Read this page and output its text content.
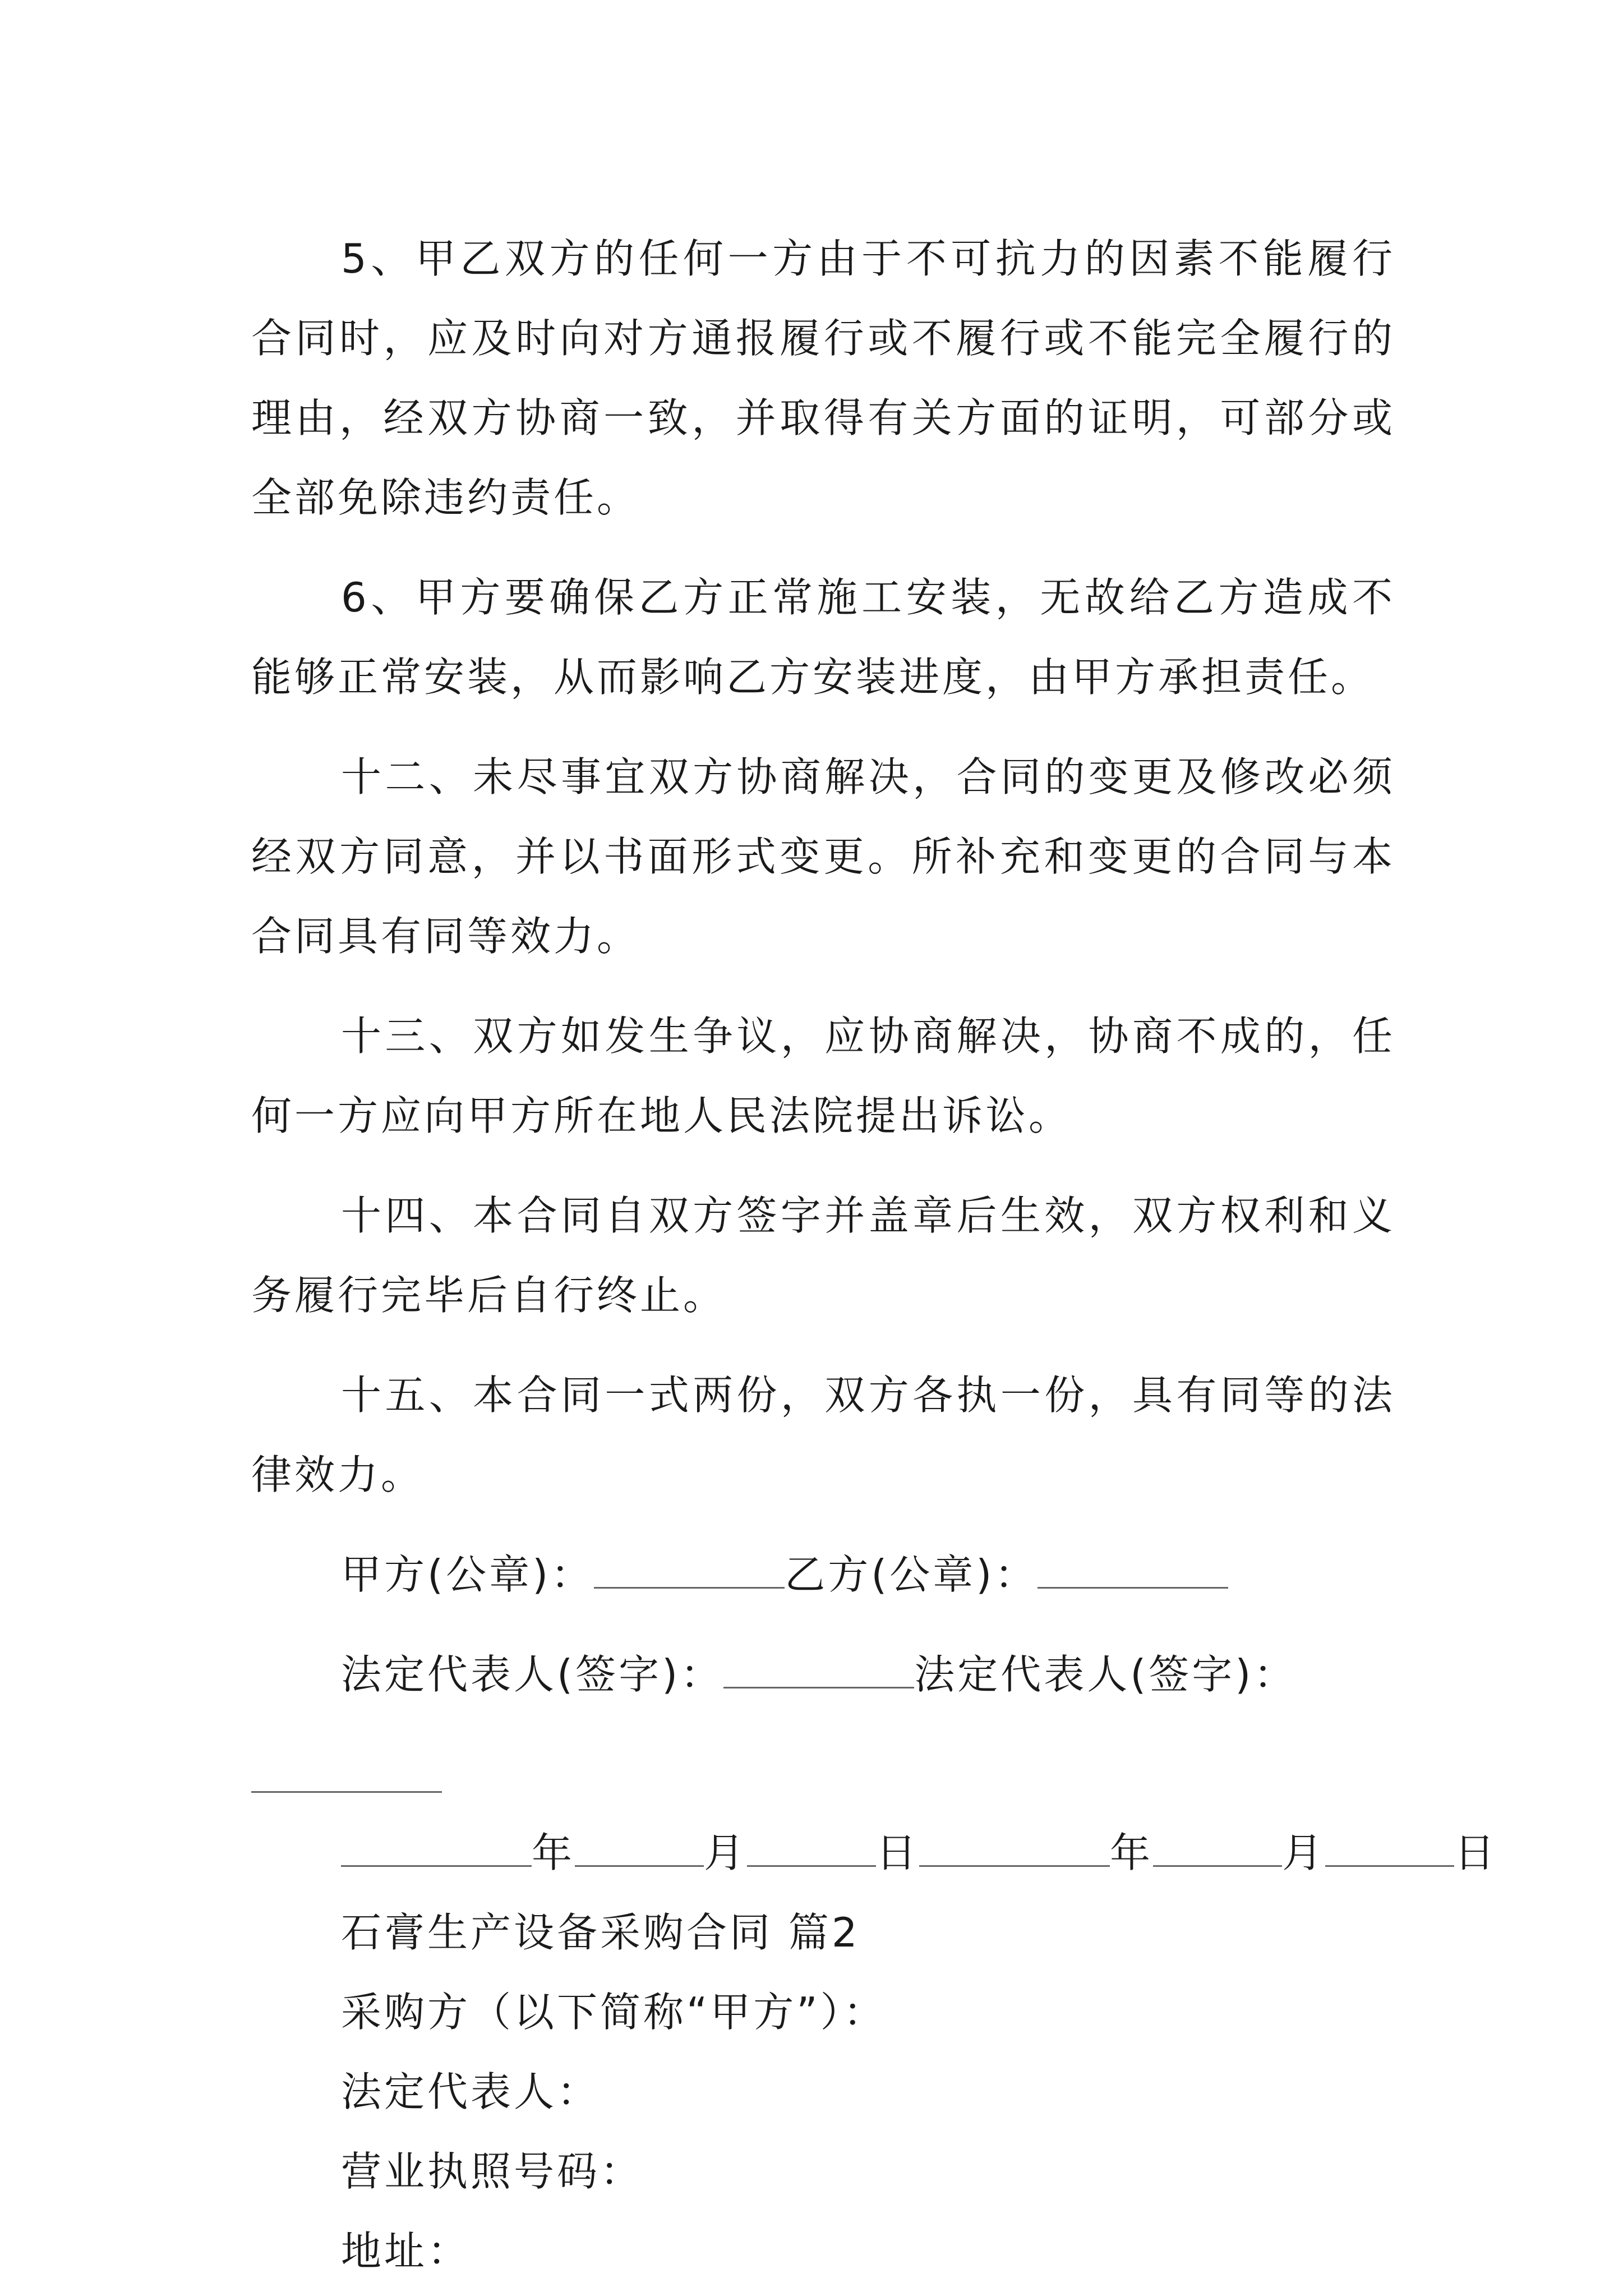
5、甲乙双方的任何一方由于不可抗力的因素不能履行合同时，应及时向对方通报履行或不履行或不能完全履行的理由，经双方协商一致，并取得有关方面的证明，可部分或全部免除违约责任。

6、甲方要确保乙方正常施工安装，无故给乙方造成不能够正常安装，从而影响乙方安装进度，由甲方承担责任。

十二、未尽事宜双方协商解决，合同的变更及修改必须经双方同意，并以书面形式变更。所补充和变更的合同与本合同具有同等效力。

十三、双方如发生争议，应协商解决，协商不成的，任何一方应向甲方所在地人民法院提出诉讼。

十四、本合同自双方签字并盖章后生效，双方权利和义务履行完毕后自行终止。

十五、本合同一式两份，双方各执一份，具有同等的法律效力。

甲方(公章)：	乙方(公章)：
法定代表人(签字)：	法定代表人(签字)：
年	月	日	年	月	日
石膏生产设备采购合同 篇2
采购方（以下简称“甲方”）：
法定代表人：
营业执照号码：
地址：
